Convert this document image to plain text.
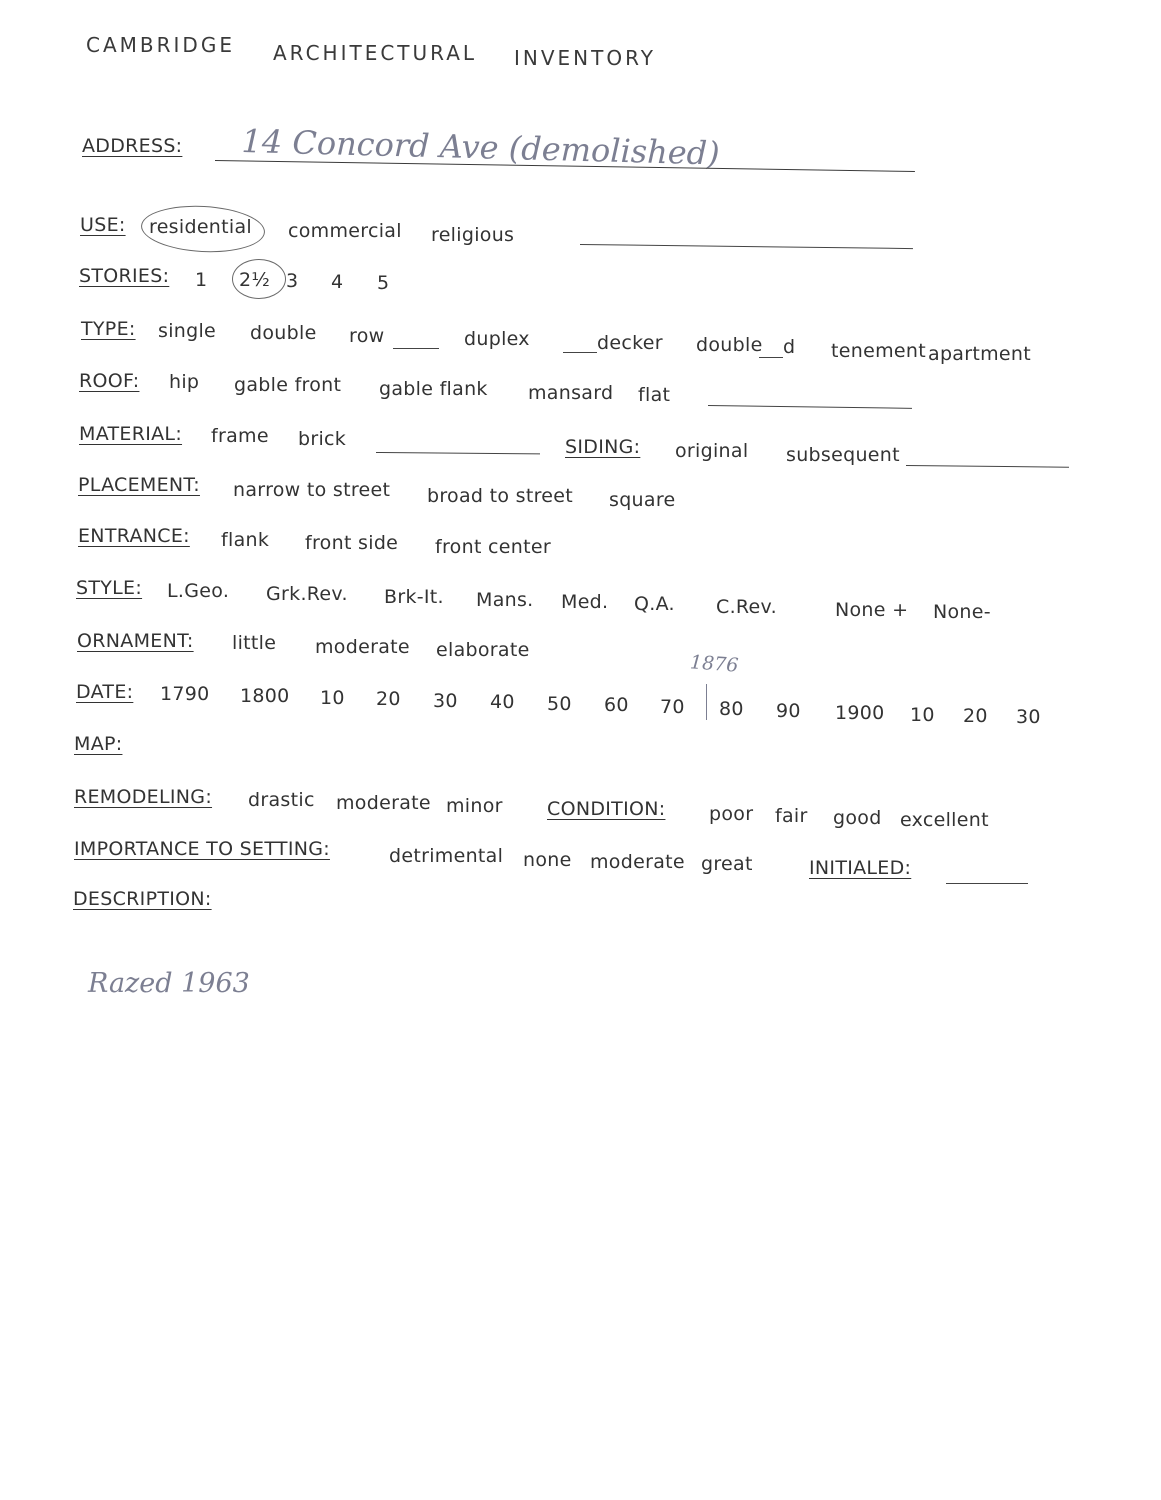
CAMBRIDGE ARCHITECTURAL INVENTORY
ADDRESS: 14 Concord Ave (demolished)
USE: residential commercial religious
STORIES: 1 2½ 3 4 5
TYPE: single double row	duplex	decker double d tenement apartment
ROOF: hip gable front gable flank mansard flat
MATERIAL: frame brick	SIDING: original subsequent
PLACEMENT: narrow to street broad to street square
ENTRANCE: flank front side front center
STYLE: L.Geo. Grk.Rev. Brk-It. Mans. Med. Q.A. C.Rev.	None + None-
ORNAMENT: little moderate elaborate
1876
DATE: 1790 1800 10 20 30 40 50 60 70 80 90 1900 10 20 30
MAP:
REMODELING: drastic moderate minor CONDITION: poor fair good excellent
IMPORTANCE TO SETTING:	detrimental none moderate great	INITIALED:
DESCRIPTION:
Razed 1963
